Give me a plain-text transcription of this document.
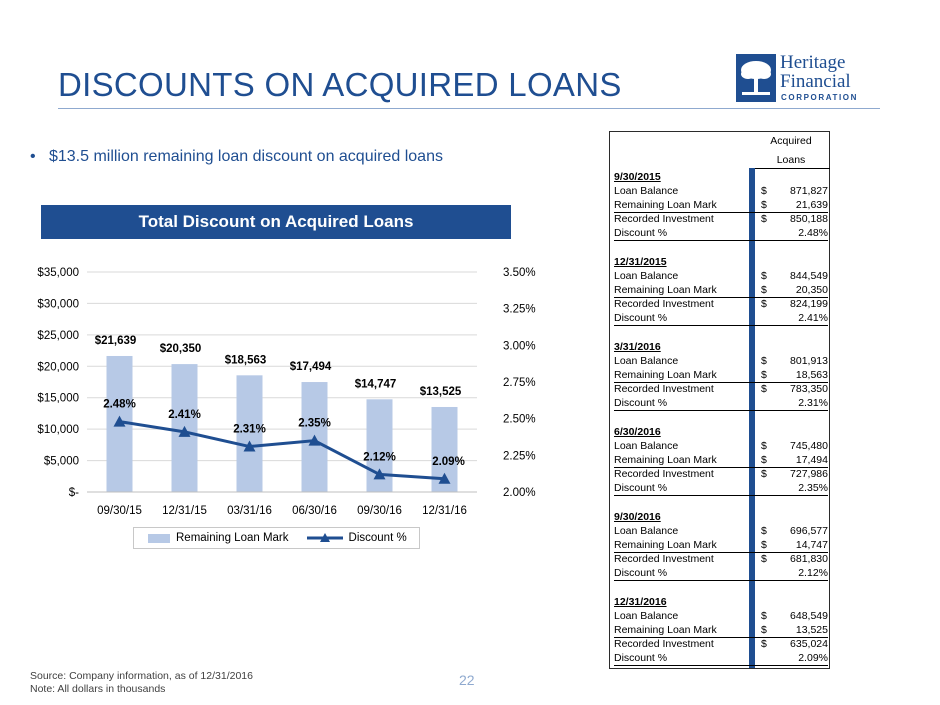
DISCOUNTS ON ACQUIRED LOANS
Heritage
Financial
CORPORATION
• $13.5 million remaining loan discount on acquired loans
Total Discount on Acquired Loans
$-
$5,000
$10,000
$15,000
$20,000
$25,000
$30,000
$35,000
2.00%
2.25%
2.50%
2.75%
3.00%
3.25%
3.50%
09/30/15 12/31/15 03/31/16 06/30/16 09/30/16 12/31/16
$21,639
$20,350
$18,563
$17,494
$14,747
$13,525
2.48%
2.41%
2.31%	2.35%
2.12%	2.09%
Remaining Loan Mark	Discount %
Acquired
Loans
9/30/2015
Loan Balance	$ 871,827
Remaining Loan Mark	$	21,639
Recorded Investment	$ 850,188
Discount %	2.48%
12/31/2015
Loan Balance	$ 844,549
Remaining Loan Mark	$	20,350
Recorded Investment	$ 824,199
Discount %	2.41%
3/31/2016
Loan Balance	$ 801,913
Remaining Loan Mark	$	18,563
Recorded Investment	$ 783,350
Discount %	2.31%
6/30/2016
Loan Balance	$ 745,480
Remaining Loan Mark	$	17,494
Recorded Investment	$ 727,986
Discount %	2.35%
9/30/2016
Loan Balance	$ 696,577
Remaining Loan Mark	$	14,747
Recorded Investment	$ 681,830
Discount %	2.12%
12/31/2016
Loan Balance	$ 648,549
Remaining Loan Mark	$	13,525
Recorded Investment	$ 635,024
Discount %	2.09%
Source: Company information, as of 12/31/2016
Note: All dollars in thousands
22
